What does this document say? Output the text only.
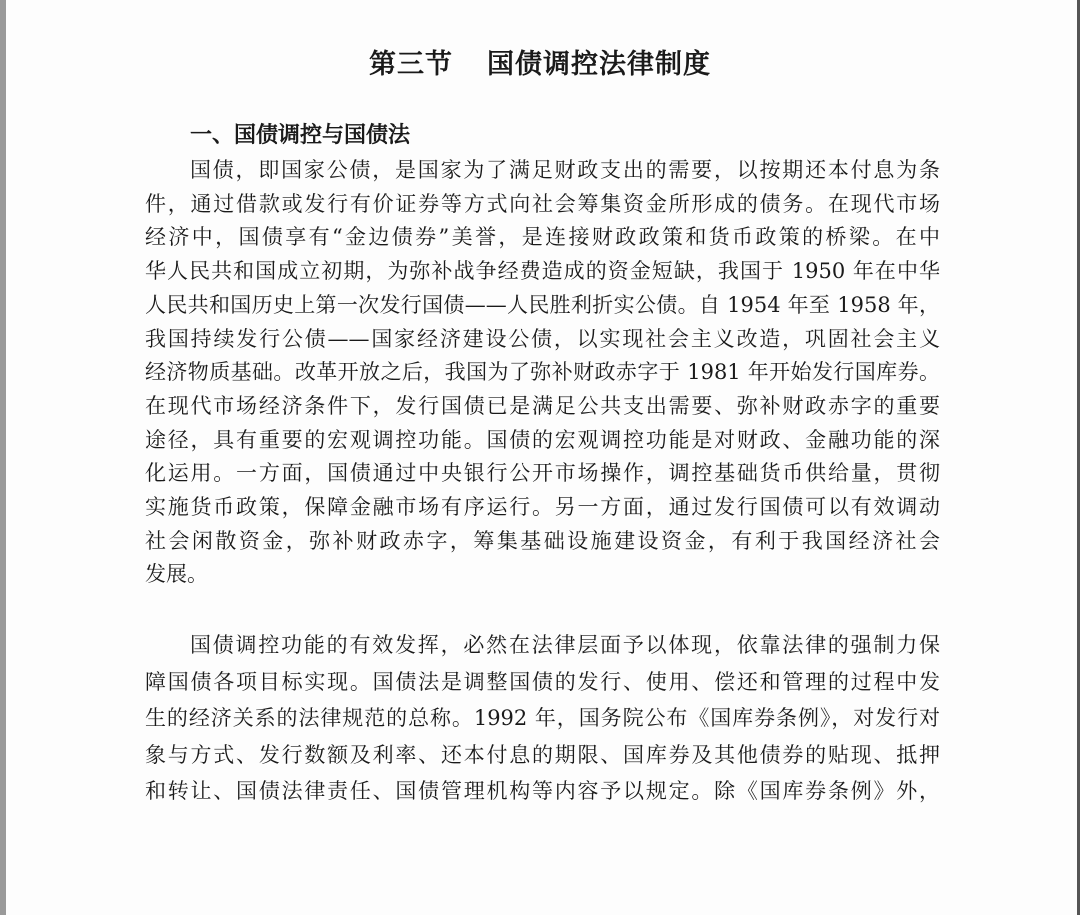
第三节 国债调控法律制度
一、国债调控与国债法
国债，即国家公债，是国家为了满足财政支出的需要，以按期还本付息为条
件，通过借款或发行有价证券等方式向社会筹集资金所形成的债务。在现代市场
经济中，国债享有“金边债券”美誉，是连接财政政策和货币政策的桥梁。在中
华人民共和国成立初期，为弥补战争经费造成的资金短缺，我国于 1950 年在中华
人民共和国历史上第一次发行国债——人民胜利折实公债。自 1954 年至 1958 年，
我国持续发行公债——国家经济建设公债，以实现社会主义改造，巩固社会主义
经济物质基础。改革开放之后，我国为了弥补财政赤字于 1981 年开始发行国库券。
在现代市场经济条件下，发行国债已是满足公共支出需要、弥补财政赤字的重要
途径，具有重要的宏观调控功能。国债的宏观调控功能是对财政、金融功能的深
化运用。一方面，国债通过中央银行公开市场操作，调控基础货币供给量，贯彻
实施货币政策，保障金融市场有序运行。另一方面，通过发行国债可以有效调动
社会闲散资金，弥补财政赤字，筹集基础设施建设资金，有利于我国经济社会
发展。
国债调控功能的有效发挥，必然在法律层面予以体现，依靠法律的强制力保
障国债各项目标实现。国债法是调整国债的发行、使用、偿还和管理的过程中发
生的经济关系的法律规范的总称。1992 年，国务院公布《国库券条例》，对发行对
象与方式、发行数额及利率、还本付息的期限、国库券及其他债券的贴现、抵押
和转让、国债法律责任、国债管理机构等内容予以规定。除《国库券条例》外，
